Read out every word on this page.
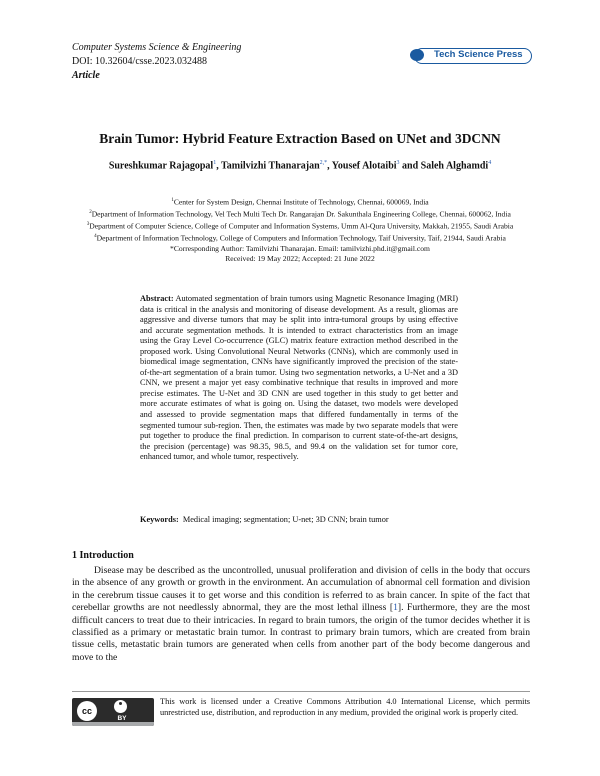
Computer Systems Science & Engineering
DOI: 10.32604/csse.2023.032488
Article
Tech Science Press
Brain Tumor: Hybrid Feature Extraction Based on UNet and 3DCNN
Sureshkumar Rajagopal$^1$, Tamilvizhi Thanarajan$^{2,*}$, Yousef Alotaibi$^3$ and Saleh Alghamdi$^4$
$^1$Center for System Design, Chennai Institute of Technology, Chennai, 600069, India
$^2$Department of Information Technology, Vel Tech Multi Tech Dr. Rangarajan Dr. Sakunthala Engineering College, Chennai, 600062, India
$^3$Department of Computer Science, College of Computer and Information Systems, Umm Al-Qura University, Makkah, 21955, Saudi Arabia
$^4$Department of Information Technology, College of Computers and Information Technology, Taif University, Taif, 21944, Saudi Arabia
*Corresponding Author: Tamilvizhi Thanarajan. Email: tamilvizhi.phd.it@gmail.com
Received: 19 May 2022; Accepted: 21 June 2022
Abstract: Automated segmentation of brain tumors using Magnetic Resonance Imaging (MRI) data is critical in the analysis and monitoring of disease development. As a result, gliomas are aggressive and diverse tumors that may be split into intra-tumoral groups by using effective and accurate segmentation methods. It is intended to extract characteristics from an image using the Gray Level Co-occurrence (GLC) matrix feature extraction method described in the proposed work. Using Convolutional Neural Networks (CNNs), which are commonly used in biomedical image segmentation, CNNs have significantly improved the precision of the state-of-the-art segmentation of a brain tumor. Using two segmentation networks, a U-Net and a 3D CNN, we present a major yet easy combinative technique that results in improved and more precise estimates. The U-Net and 3D CNN are used together in this study to get better and more accurate estimates of what is going on. Using the dataset, two models were developed and assessed to provide segmentation maps that differed fundamentally in terms of the segmented tumour sub-region. Then, the estimates was made by two separate models that were put together to produce the final prediction. In comparison to current state-of-the-art designs, the precision (percentage) was 98.35, 98.5, and 99.4 on the validation set for tumor core, enhanced tumor, and whole tumor, respectively.
Keywords: Medical imaging; segmentation; U-net; 3D CNN; brain tumor
1 Introduction
Disease may be described as the uncontrolled, unusual proliferation and division of cells in the body that occurs in the absence of any growth or growth in the environment. An accumulation of abnormal cell formation and division in the cerebrum tissue causes it to get worse and this condition is referred to as brain cancer. In spite of the fact that cerebellar growths are not needlessly abnormal, they are the most lethal illness [1]. Furthermore, they are the most difficult cancers to treat due to their intricacies. In regard to brain tumors, the origin of the tumor decides whether it is classified as a primary or metastatic brain tumor. In contrast to primary brain tumors, which are created from brain tissue cells, metastatic brain tumors are generated when cells from another part of the body become dangerous and move to the
cc
BY
This work is licensed under a Creative Commons Attribution 4.0 International License, which permits unrestricted use, distribution, and reproduction in any medium, provided the original work is properly cited.
